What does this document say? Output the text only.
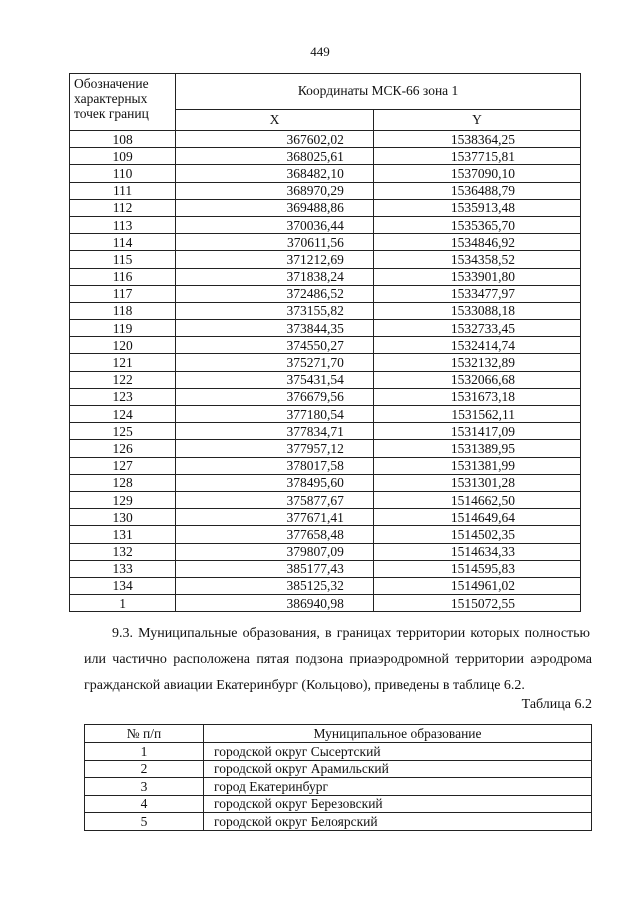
449
Обозначение характерных точек границ	Координаты МСК-66 зона 1	
	X	Y
108	367602,02	1538364,25
109	368025,61	1537715,81
110	368482,10	1537090,10
111	368970,29	1536488,79
112	369488,86	1535913,48
113	370036,44	1535365,70
114	370611,56	1534846,92
115	371212,69	1534358,52
116	371838,24	1533901,80
117	372486,52	1533477,97
118	373155,82	1533088,18
119	373844,35	1532733,45
120	374550,27	1532414,74
121	375271,70	1532132,89
122	375431,54	1532066,68
123	376679,56	1531673,18
124	377180,54	1531562,11
125	377834,71	1531417,09
126	377957,12	1531389,95
127	378017,58	1531381,99
128	378495,60	1531301,28
129	375877,67	1514662,50
130	377671,41	1514649,64
131	377658,48	1514502,35
132	379807,09	1514634,33
133	385177,43	1514595,83
134	385125,32	1514961,02
1	386940,98	1515072,55
9.3. Муниципальные образования, в границах территории которых полностью
или частично расположена пятая подзона приаэродромной территории аэродрома
гражданской авиации Екатеринбург (Кольцово), приведены в таблице 6.2.
Таблица 6.2
№ п/п	Муниципальное образование
1	городской округ Сысертский
2	городской округ Арамильский
3	город Екатеринбург
4	городской округ Березовский
5	городской округ Белоярский
